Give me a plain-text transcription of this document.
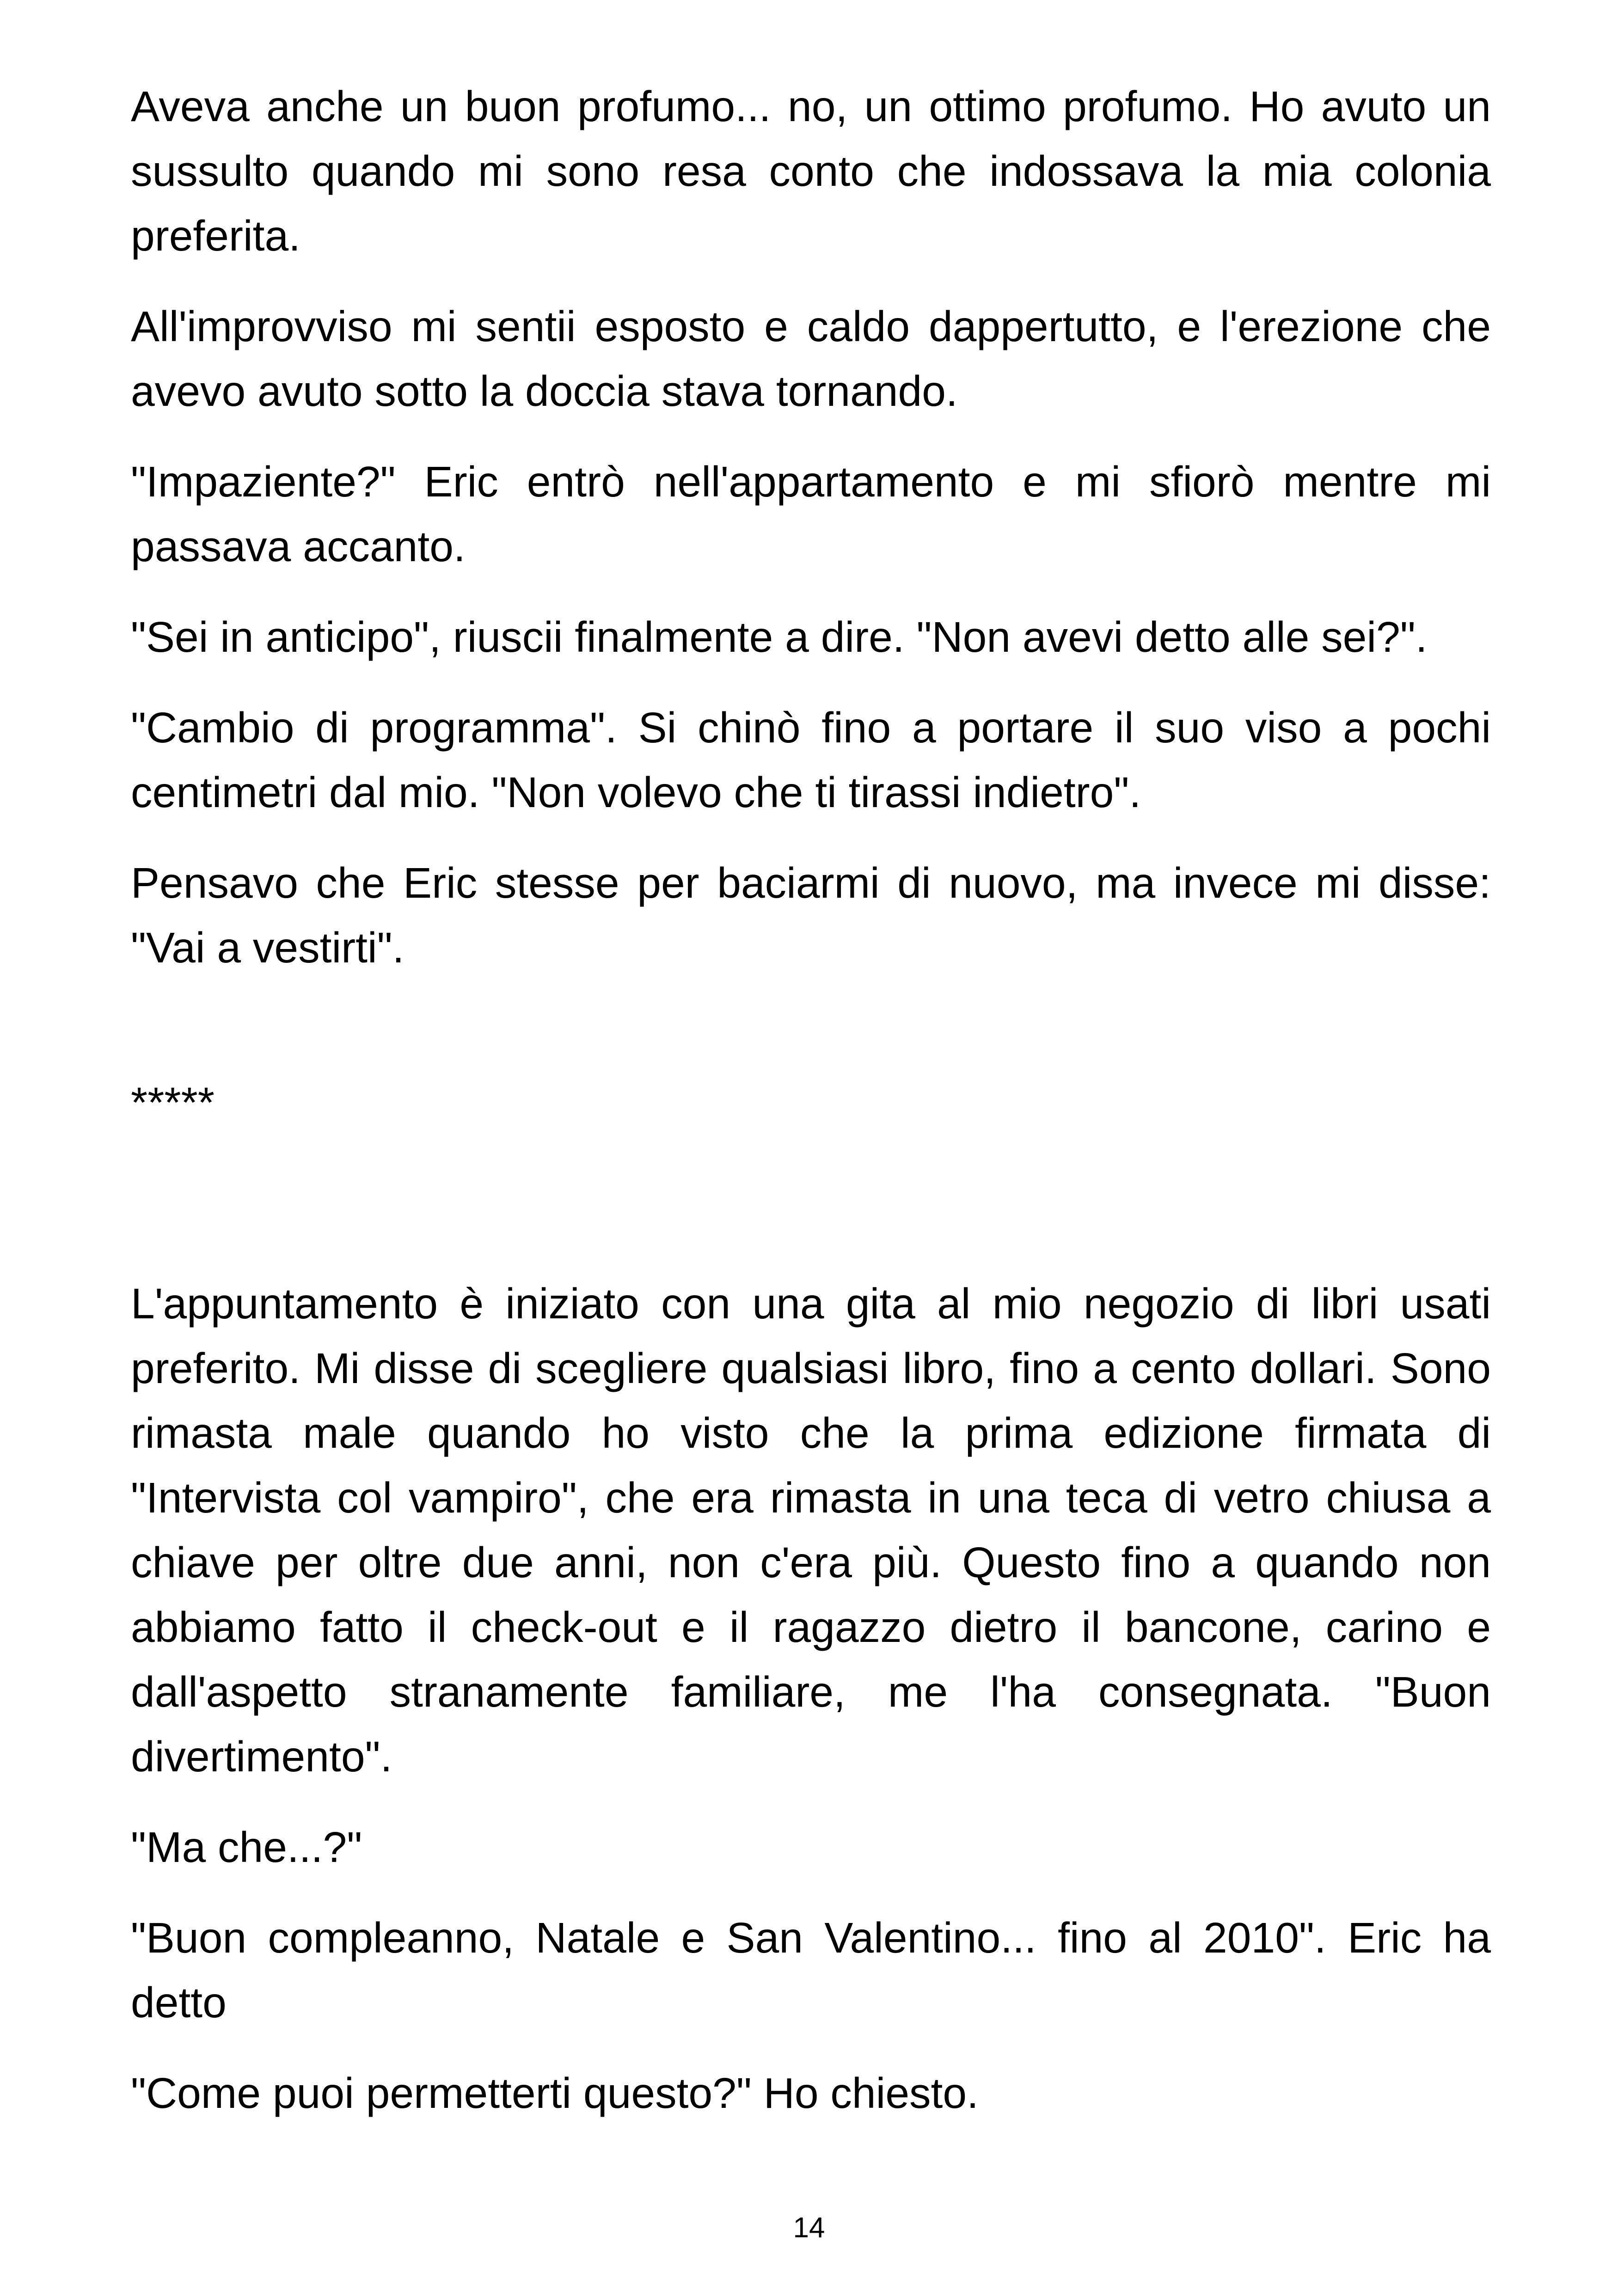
Aveva anche un buon profumo... no, un ottimo profumo. Ho avuto un sussulto quando mi sono resa conto che indossava la mia colonia preferita.

All'improvviso mi sentii esposto e caldo dappertutto, e l'erezione che avevo avuto sotto la doccia stava tornando.

"Impaziente?" Eric entrò nell'appartamento e mi sfiorò mentre mi passava accanto.

"Sei in anticipo", riuscii finalmente a dire. "Non avevi detto alle sei?".

"Cambio di programma". Si chinò fino a portare il suo viso a pochi centimetri dal mio. "Non volevo che ti tirassi indietro".

Pensavo che Eric stesse per baciarmi di nuovo, ma invece mi disse: "Vai a vestirti".

*****

L'appuntamento è iniziato con una gita al mio negozio di libri usati preferito. Mi disse di scegliere qualsiasi libro, fino a cento dollari. Sono rimasta male quando ho visto che la prima edizione firmata di "Intervista col vampiro", che era rimasta in una teca di vetro chiusa a chiave per oltre due anni, non c'era più. Questo fino a quando non abbiamo fatto il check-out e il ragazzo dietro il bancone, carino e dall'aspetto stranamente familiare, me l'ha consegnata. "Buon divertimento".

"Ma che...?"

"Buon compleanno, Natale e San Valentino... fino al 2010". Eric ha detto

"Come puoi permetterti questo?" Ho chiesto.

14
